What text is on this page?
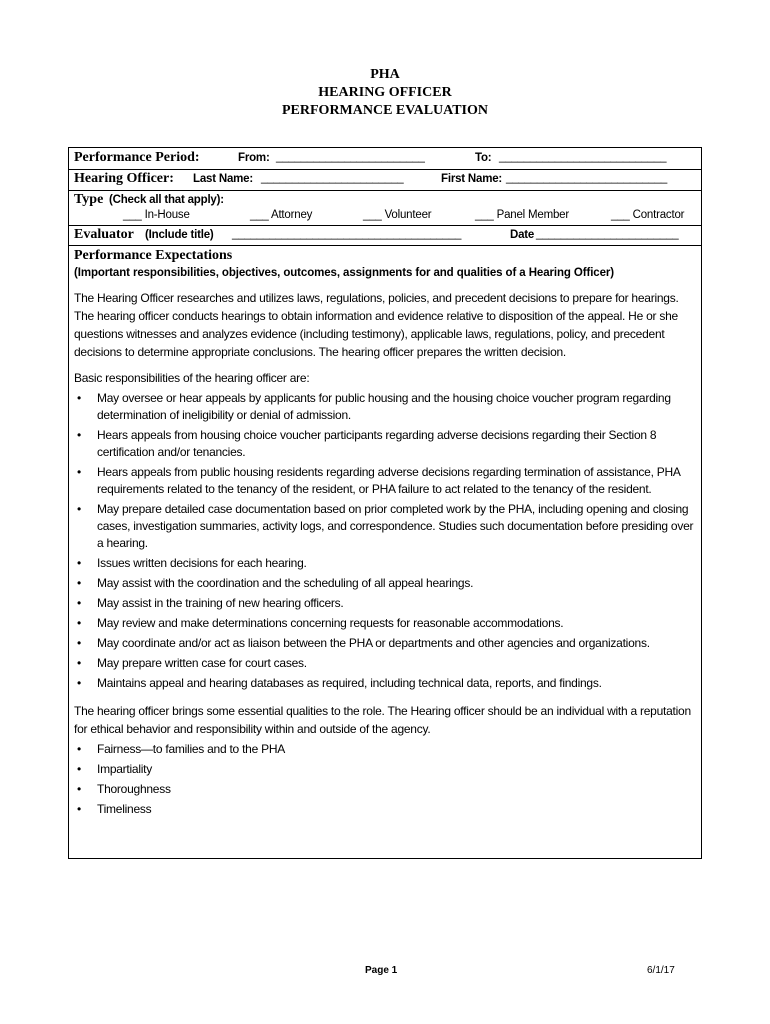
PHA
HEARING OFFICER
PERFORMANCE EVALUATION
Performance Period:	From: ________________________	To: ___________________________
Hearing Officer: Last Name: _______________________	First Name: __________________________
Type (Check all that apply):
___ In-House	___ Attorney	___ Volunteer	___ Panel Member	___ Contractor
Evaluator (Include title) _____________________________________	Date _______________________
Performance Expectations
(Important responsibilities, objectives, outcomes, assignments for and qualities of a Hearing Officer)
The Hearing Officer researches and utilizes laws, regulations, policies, and precedent decisions to prepare for hearings. The hearing officer conducts hearings to obtain information and evidence relative to disposition of the appeal. He or she questions witnesses and analyzes evidence (including testimony), applicable laws, regulations, policy, and precedent decisions to determine appropriate conclusions. The hearing officer prepares the written decision.
Basic responsibilities of the hearing officer are:
• May oversee or hear appeals by applicants for public housing and the housing choice voucher program regarding determination of ineligibility or denial of admission.
• Hears appeals from housing choice voucher participants regarding adverse decisions regarding their Section 8 certification and/or tenancies.
• Hears appeals from public housing residents regarding adverse decisions regarding termination of assistance, PHA requirements related to the tenancy of the resident, or PHA failure to act related to the tenancy of the resident.
• May prepare detailed case documentation based on prior completed work by the PHA, including opening and closing cases, investigation summaries, activity logs, and correspondence. Studies such documentation before presiding over a hearing.
• Issues written decisions for each hearing.
• May assist with the coordination and the scheduling of all appeal hearings.
• May assist in the training of new hearing officers.
• May review and make determinations concerning requests for reasonable accommodations.
• May coordinate and/or act as liaison between the PHA or departments and other agencies and organizations.
• May prepare written case for court cases.
• Maintains appeal and hearing databases as required, including technical data, reports, and findings.
The hearing officer brings some essential qualities to the role. The Hearing officer should be an individual with a reputation for ethical behavior and responsibility within and outside of the agency.
• Fairness—to families and to the PHA
• Impartiality
• Thoroughness
• Timeliness
Page 1	6/1/17
